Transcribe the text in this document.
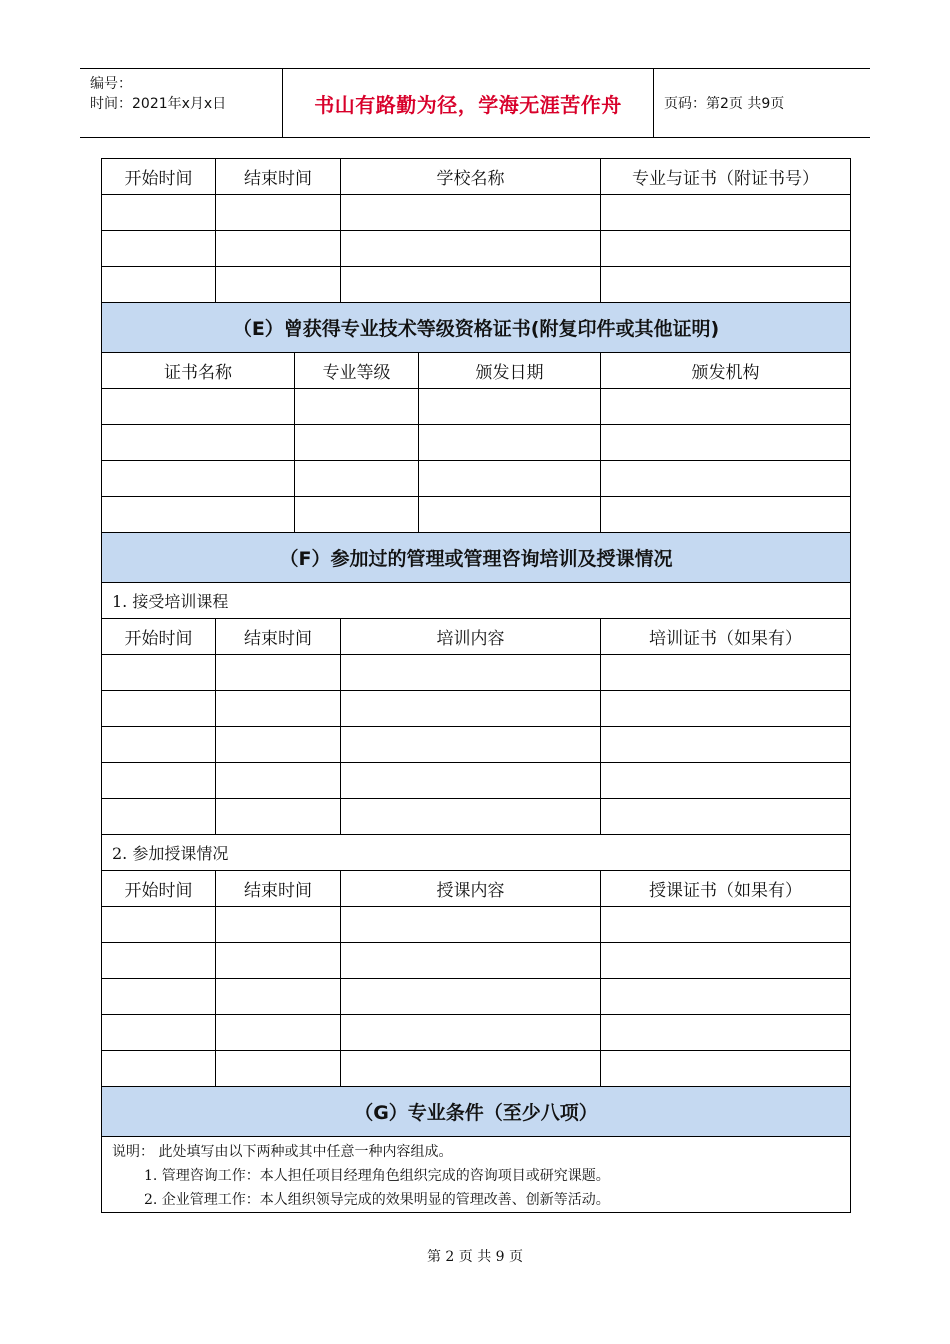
编号：
时间：2021年x月x日	书山有路勤为径，学海无涯苦作舟	页码：第2页 共9页
开始时间	结束时间	学校名称	专业与证书（附证书号）
（E）曾获得专业技术等级资格证书(附复印件或其他证明)
证书名称	专业等级	颁发日期	颁发机构
（F）参加过的管理或管理咨询培训及授课情况
1. 接受培训课程
开始时间	结束时间	培训内容	培训证书（如果有）
2. 参加授课情况
开始时间	结束时间	授课内容	授课证书（如果有）
（G）专业条件（至少八项）
说明： 此处填写由以下两种或其中任意一种内容组成。
1. 管理咨询工作：本人担任项目经理角色组织完成的咨询项目或研究课题。
2. 企业管理工作：本人组织领导完成的效果明显的管理改善、创新等活动。
第 2 页 共 9 页
